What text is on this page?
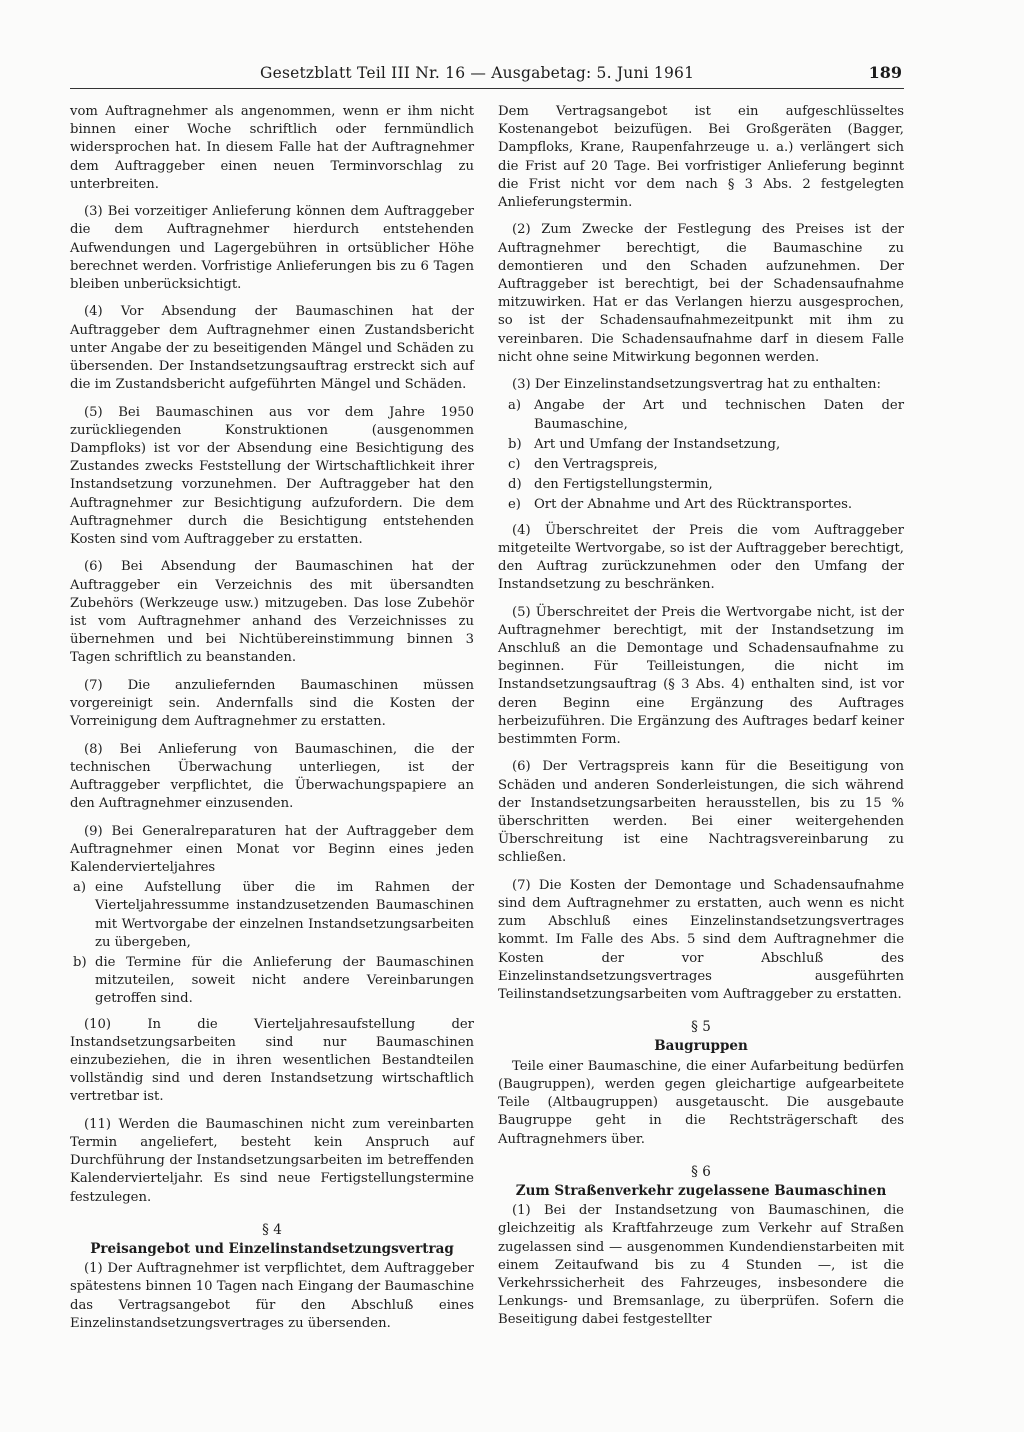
Gesetzblatt Teil III Nr. 16 — Ausgabetag: 5. Juni 1961	189

vom Auftragnehmer als angenommen, wenn er ihm nicht binnen einer Woche schriftlich oder fernmündlich widersprochen hat. In diesem Falle hat der Auftragnehmer dem Auftraggeber einen neuen Terminvorschlag zu unterbreiten.

(3) Bei vorzeitiger Anlieferung können dem Auftraggeber die dem Auftragnehmer hierdurch entstehenden Aufwendungen und Lagergebühren in ortsüblicher Höhe berechnet werden. Vorfristige Anlieferungen bis zu 6 Tagen bleiben unberücksichtigt.

(4) Vor Absendung der Baumaschinen hat der Auftraggeber dem Auftragnehmer einen Zustandsbericht unter Angabe der zu beseitigenden Mängel und Schäden zu übersenden. Der Instandsetzungsauftrag erstreckt sich auf die im Zustandsbericht aufgeführten Mängel und Schäden.

(5) Bei Baumaschinen aus vor dem Jahre 1950 zurückliegenden Konstruktionen (ausgenommen Dampfloks) ist vor der Absendung eine Besichtigung des Zustandes zwecks Feststellung der Wirtschaftlichkeit ihrer Instandsetzung vorzunehmen. Der Auftraggeber hat den Auftragnehmer zur Besichtigung aufzufordern. Die dem Auftragnehmer durch die Besichtigung entstehenden Kosten sind vom Auftraggeber zu erstatten.

(6) Bei Absendung der Baumaschinen hat der Auftraggeber ein Verzeichnis des mit übersandten Zubehörs (Werkzeuge usw.) mitzugeben. Das lose Zubehör ist vom Auftragnehmer anhand des Verzeichnisses zu übernehmen und bei Nichtübereinstimmung binnen 3 Tagen schriftlich zu beanstanden.

(7) Die anzuliefernden Baumaschinen müssen vorgereinigt sein. Andernfalls sind die Kosten der Vorreinigung dem Auftragnehmer zu erstatten.

(8) Bei Anlieferung von Baumaschinen, die der technischen Überwachung unterliegen, ist der Auftraggeber verpflichtet, die Überwachungspapiere an den Auftragnehmer einzusenden.

(9) Bei Generalreparaturen hat der Auftraggeber dem Auftragnehmer einen Monat vor Beginn eines jeden Kalendervierteljahres

a) eine Aufstellung über die im Rahmen der Vierteljahressumme instandzusetzenden Baumaschinen mit Wertvorgabe der einzelnen Instandsetzungsarbeiten zu übergeben,
b) die Termine für die Anlieferung der Baumaschinen mitzuteilen, soweit nicht andere Vereinbarungen getroffen sind.

(10) In die Vierteljahresaufstellung der Instandsetzungsarbeiten sind nur Baumaschinen einzubeziehen, die in ihren wesentlichen Bestandteilen vollständig sind und deren Instandsetzung wirtschaftlich vertretbar ist.

(11) Werden die Baumaschinen nicht zum vereinbarten Termin angeliefert, besteht kein Anspruch auf Durchführung der Instandsetzungsarbeiten im betreffenden Kalendervierteljahr. Es sind neue Fertigstellungstermine festzulegen.

§ 4
Preisangebot und Einzelinstandsetzungsvertrag

(1) Der Auftragnehmer ist verpflichtet, dem Auftraggeber spätestens binnen 10 Tagen nach Eingang der Baumaschine das Vertragsangebot für den Abschluß eines Einzelinstandsetzungsvertrages zu übersenden.

Dem Vertragsangebot ist ein aufgeschlüsseltes Kostenangebot beizufügen. Bei Großgeräten (Bagger, Dampfloks, Krane, Raupenfahrzeuge u. a.) verlängert sich die Frist auf 20 Tage. Bei vorfristiger Anlieferung beginnt die Frist nicht vor dem nach § 3 Abs. 2 festgelegten Anlieferungstermin.

(2) Zum Zwecke der Festlegung des Preises ist der Auftragnehmer berechtigt, die Baumaschine zu demontieren und den Schaden aufzunehmen. Der Auftraggeber ist berechtigt, bei der Schadensaufnahme mitzuwirken. Hat er das Verlangen hierzu ausgesprochen, so ist der Schadensaufnahmezeitpunkt mit ihm zu vereinbaren. Die Schadensaufnahme darf in diesem Falle nicht ohne seine Mitwirkung begonnen werden.

(3) Der Einzelinstandsetzungsvertrag hat zu enthalten:

a) Angabe der Art und technischen Daten der Baumaschine,
b) Art und Umfang der Instandsetzung,
c)	den Vertragspreis,
d) den Fertigstellungstermin,
e) Ort der Abnahme und Art des Rücktransportes.

(4) Überschreitet der Preis die vom Auftraggeber mitgeteilte Wertvorgabe, so ist der Auftraggeber berechtigt, den Auftrag zurückzunehmen oder den Umfang der Instandsetzung zu beschränken.

(5) Überschreitet der Preis die Wertvorgabe nicht, ist der Auftragnehmer berechtigt, mit der Instandsetzung im Anschluß an die Demontage und Schadensaufnahme zu beginnen. Für Teilleistungen, die nicht im Instandsetzungsauftrag (§ 3 Abs. 4) enthalten sind, ist vor deren Beginn eine Ergänzung des Auftrages herbeizuführen. Die Ergänzung des Auftrages bedarf keiner bestimmten Form.

(6) Der Vertragspreis kann für die Beseitigung von Schäden und anderen Sonderleistungen, die sich während der Instandsetzungsarbeiten herausstellen, bis zu 15 % überschritten werden. Bei einer weitergehenden Überschreitung ist eine Nachtragsvereinbarung zu schließen.

(7) Die Kosten der Demontage und Schadensaufnahme sind dem Auftragnehmer zu erstatten, auch wenn es nicht zum Abschluß eines Einzelinstandsetzungsvertrages kommt. Im Falle des Abs. 5 sind dem Auftragnehmer die Kosten der vor Abschluß des Einzelinstandsetzungsvertrages ausgeführten Teilinstandsetzungsarbeiten vom Auftraggeber zu erstatten.

§ 5
Baugruppen

Teile einer Baumaschine, die einer Aufarbeitung bedürfen (Baugruppen), werden gegen gleichartige aufgearbeitete Teile (Altbaugruppen) ausgetauscht. Die ausgebaute Baugruppe geht in die Rechtsträgerschaft des Auftragnehmers über.

§ 6
Zum Straßenverkehr zugelassene Baumaschinen

(1) Bei der Instandsetzung von Baumaschinen, die gleichzeitig als Kraftfahrzeuge zum Verkehr auf Straßen zugelassen sind — ausgenommen Kundendienstarbeiten mit einem Zeitaufwand bis zu 4 Stunden —, ist die Verkehrssicherheit des Fahrzeuges, insbesondere die Lenkungs- und Bremsanlage, zu überprüfen. Sofern die Beseitigung dabei festgestellter
